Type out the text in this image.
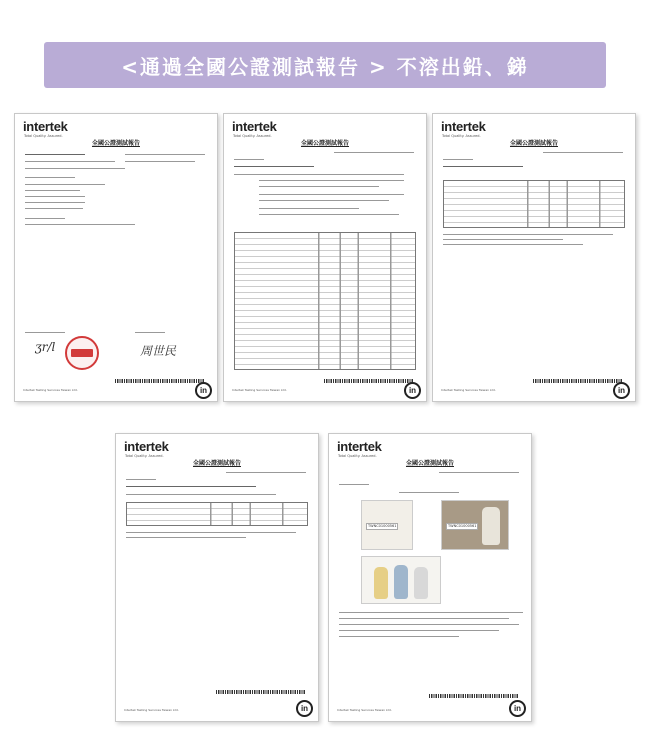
<通過全國公證測試報告 > 不溶出鉛、銻
intertek
Total Quality. Assured.
全國公證測試報告
ʒr/l	周世民
Intertek Testing Services Taiwan Ltd.	in
intertek
Total Quality. Assured.
全國公證測試報告
Intertek Testing Services Taiwan Ltd.	in
intertek
Total Quality. Assured.
全國公證測試報告
Intertek Testing Services Taiwan Ltd.	in
intertek
Total Quality. Assured.
全國公證測試報告
Intertek Testing Services Taiwan Ltd.	in
intertek
Total Quality. Assured.
全國公證測試報告
TWNC01000561	TWNC01000561
Intertek Testing Services Taiwan Ltd.	in
